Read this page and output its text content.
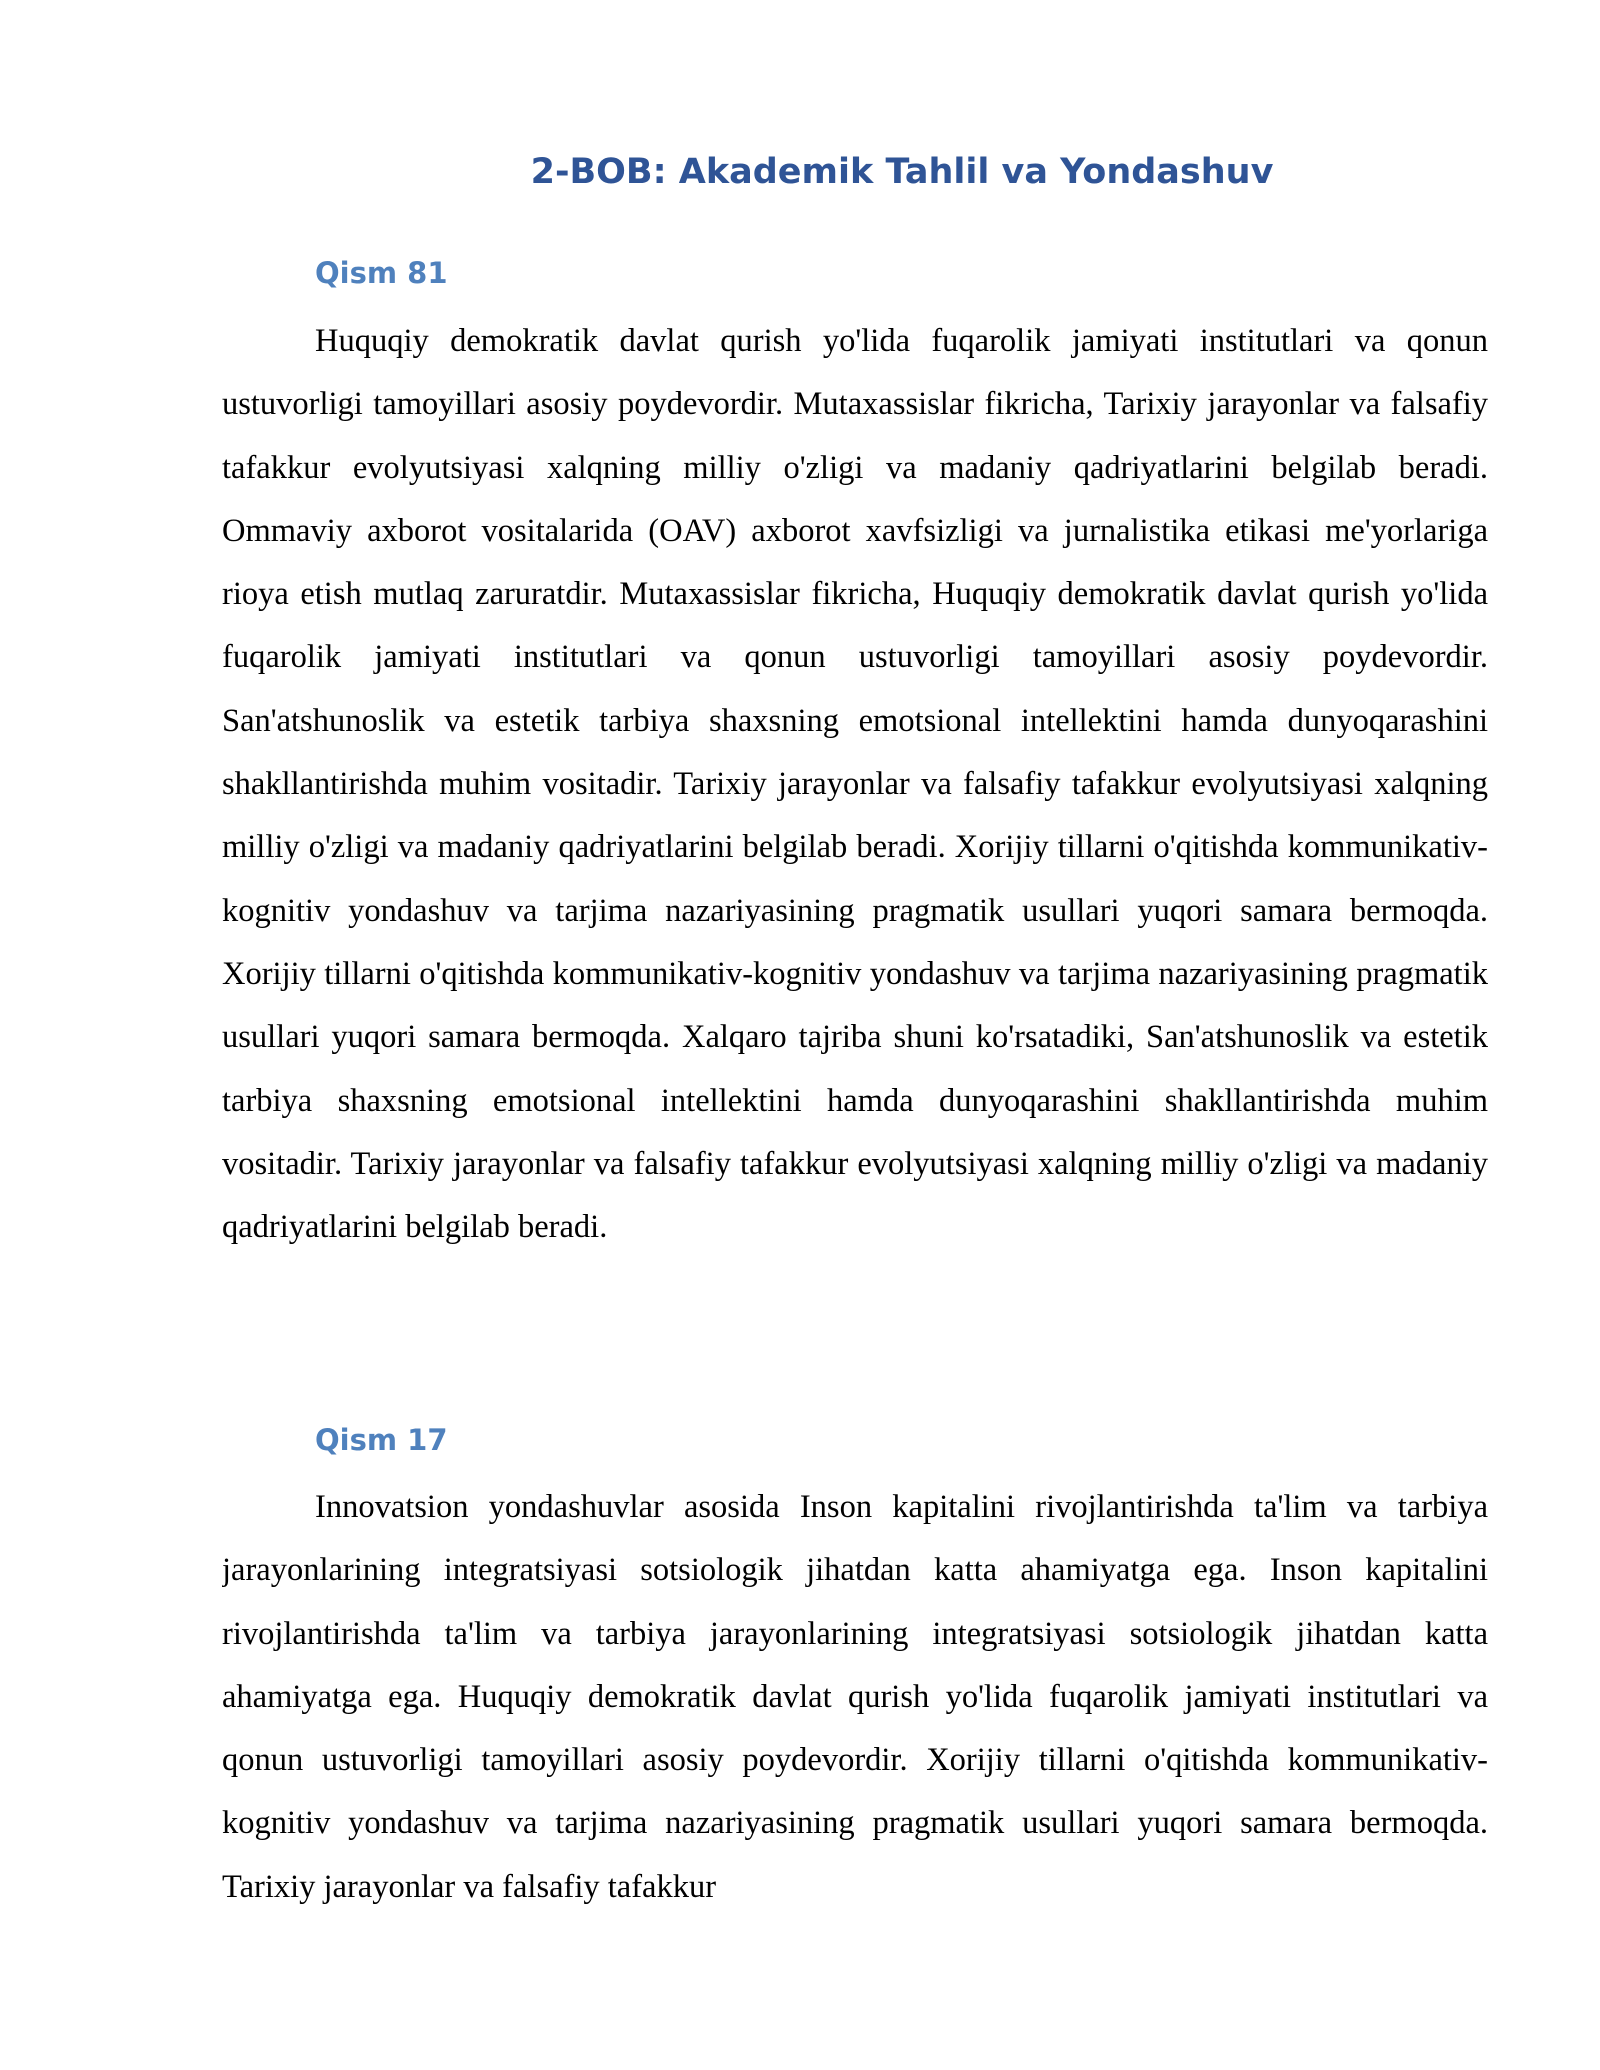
2-BOB: Akademik Tahlil va Yondashuv
Qism 81

Huquqiy demokratik davlat qurish yo'lida fuqarolik jamiyati institutlari va qonun ustuvorligi tamoyillari asosiy poydevordir. Mutaxassislar fikricha, Tarixiy jarayonlar va falsafiy tafakkur evolyutsiyasi xalqning milliy o'zligi va madaniy qadriyatlarini belgilab beradi. Ommaviy axborot vositalarida (OAV) axborot xavfsizligi va jurnalistika etikasi me'yorlariga rioya etish mutlaq zaruratdir. Mutaxassislar fikricha, Huquqiy demokratik davlat qurish yo'lida fuqarolik jamiyati institutlari va qonun ustuvorligi tamoyillari asosiy poydevordir. San'atshunoslik va estetik tarbiya shaxsning emotsional intellektini hamda dunyoqarashini shakllantirishda muhim vositadir. Tarixiy jarayonlar va falsafiy tafakkur evolyutsiyasi xalqning milliy o'zligi va madaniy qadriyatlarini belgilab beradi. Xorijiy tillarni o'qitishda kommunikativ-kognitiv yondashuv va tarjima nazariyasining pragmatik usullari yuqori samara bermoqda. Xorijiy tillarni o'qitishda kommunikativ-kognitiv yondashuv va tarjima nazariyasining pragmatik usullari yuqori samara bermoqda. Xalqaro tajriba shuni ko'rsatadiki, San'atshunoslik va estetik tarbiya shaxsning emotsional intellektini hamda dunyoqarashini shakllantirishda muhim vositadir. Tarixiy jarayonlar va falsafiy tafakkur evolyutsiyasi xalqning milliy o'zligi va madaniy qadriyatlarini belgilab beradi.

Qism 17

Innovatsion yondashuvlar asosida Inson kapitalini rivojlantirishda ta'lim va tarbiya jarayonlarining integratsiyasi sotsiologik jihatdan katta ahamiyatga ega. Inson kapitalini rivojlantirishda ta'lim va tarbiya jarayonlarining integratsiyasi sotsiologik jihatdan katta ahamiyatga ega. Huquqiy demokratik davlat qurish yo'lida fuqarolik jamiyati institutlari va qonun ustuvorligi tamoyillari asosiy poydevordir. Xorijiy tillarni o'qitishda kommunikativ-kognitiv yondashuv va tarjima nazariyasining pragmatik usullari yuqori samara bermoqda. Tarixiy jarayonlar va falsafiy tafakkur
